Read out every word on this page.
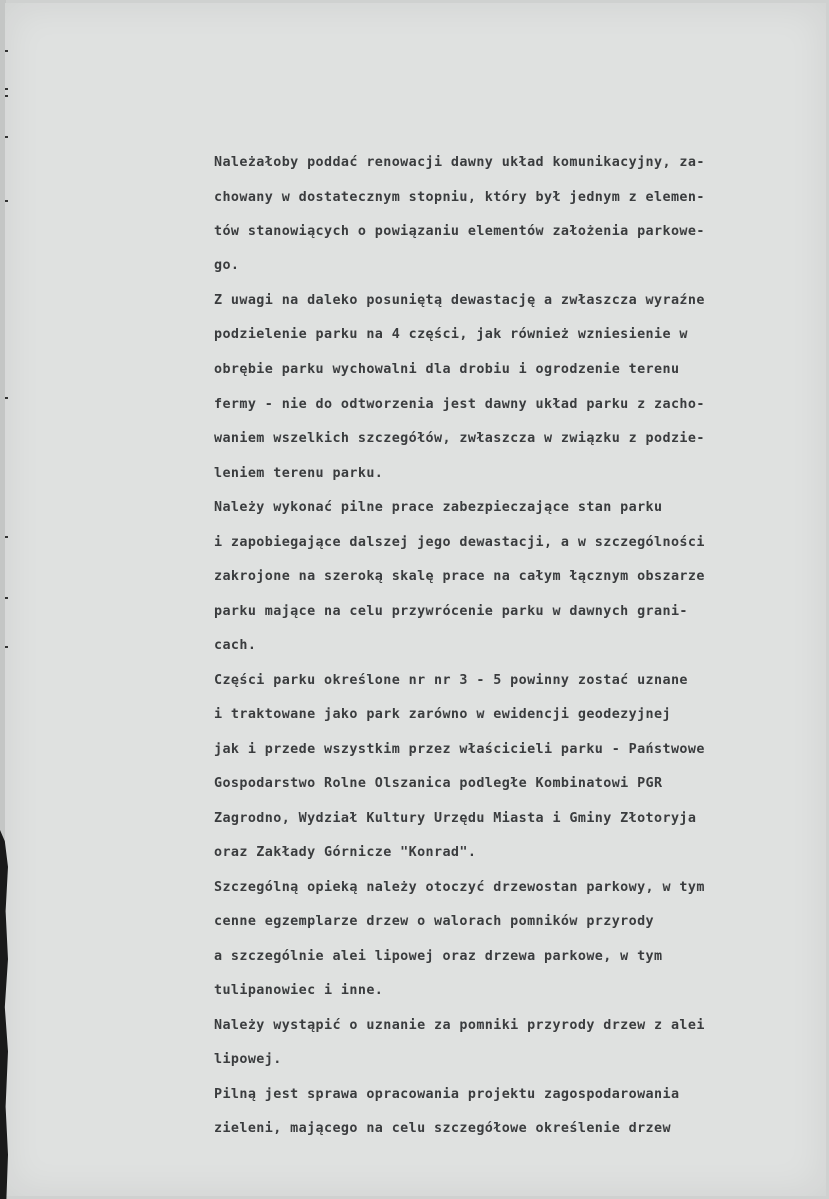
Należałoby poddać renowacji dawny układ komunikacyjny, za-

chowany w dostatecznym stopniu, który był jednym z elemen-

tów stanowiących o powiązaniu elementów założenia parkowe-

go.

Z uwagi na daleko posuniętą dewastację a zwłaszcza wyraźne

podzielenie parku na 4 części, jak również wzniesienie w

obrębie parku wychowalni dla drobiu i ogrodzenie terenu

fermy - nie do odtworzenia jest dawny układ parku z zacho-

waniem wszelkich szczegółów, zwłaszcza w związku z podzie-

leniem terenu parku.

Należy wykonać pilne prace zabezpieczające stan parku

i zapobiegające dalszej jego dewastacji, a w szczególności

zakrojone na szeroką skalę prace na całym łącznym obszarze

parku mające na celu przywrócenie parku w dawnych grani-

cach.

Części parku określone nr nr 3 - 5 powinny zostać uznane

i traktowane jako park zarówno w ewidencji geodezyjnej

jak i przede wszystkim przez właścicieli parku - Państwowe

Gospodarstwo Rolne Olszanica podległe Kombinatowi PGR

Zagrodno, Wydział Kultury Urzędu Miasta i Gminy Złotoryja

oraz Zakłady Górnicze "Konrad".

Szczególną opieką należy otoczyć drzewostan parkowy, w tym

cenne egzemplarze drzew o walorach pomników przyrody

a szczególnie alei lipowej oraz drzewa parkowe, w tym

tulipanowiec i inne.

Należy wystąpić o uznanie za pomniki przyrody drzew z alei

lipowej.

Pilną jest sprawa opracowania projektu zagospodarowania

zieleni, mającego na celu szczegółowe określenie drzew
